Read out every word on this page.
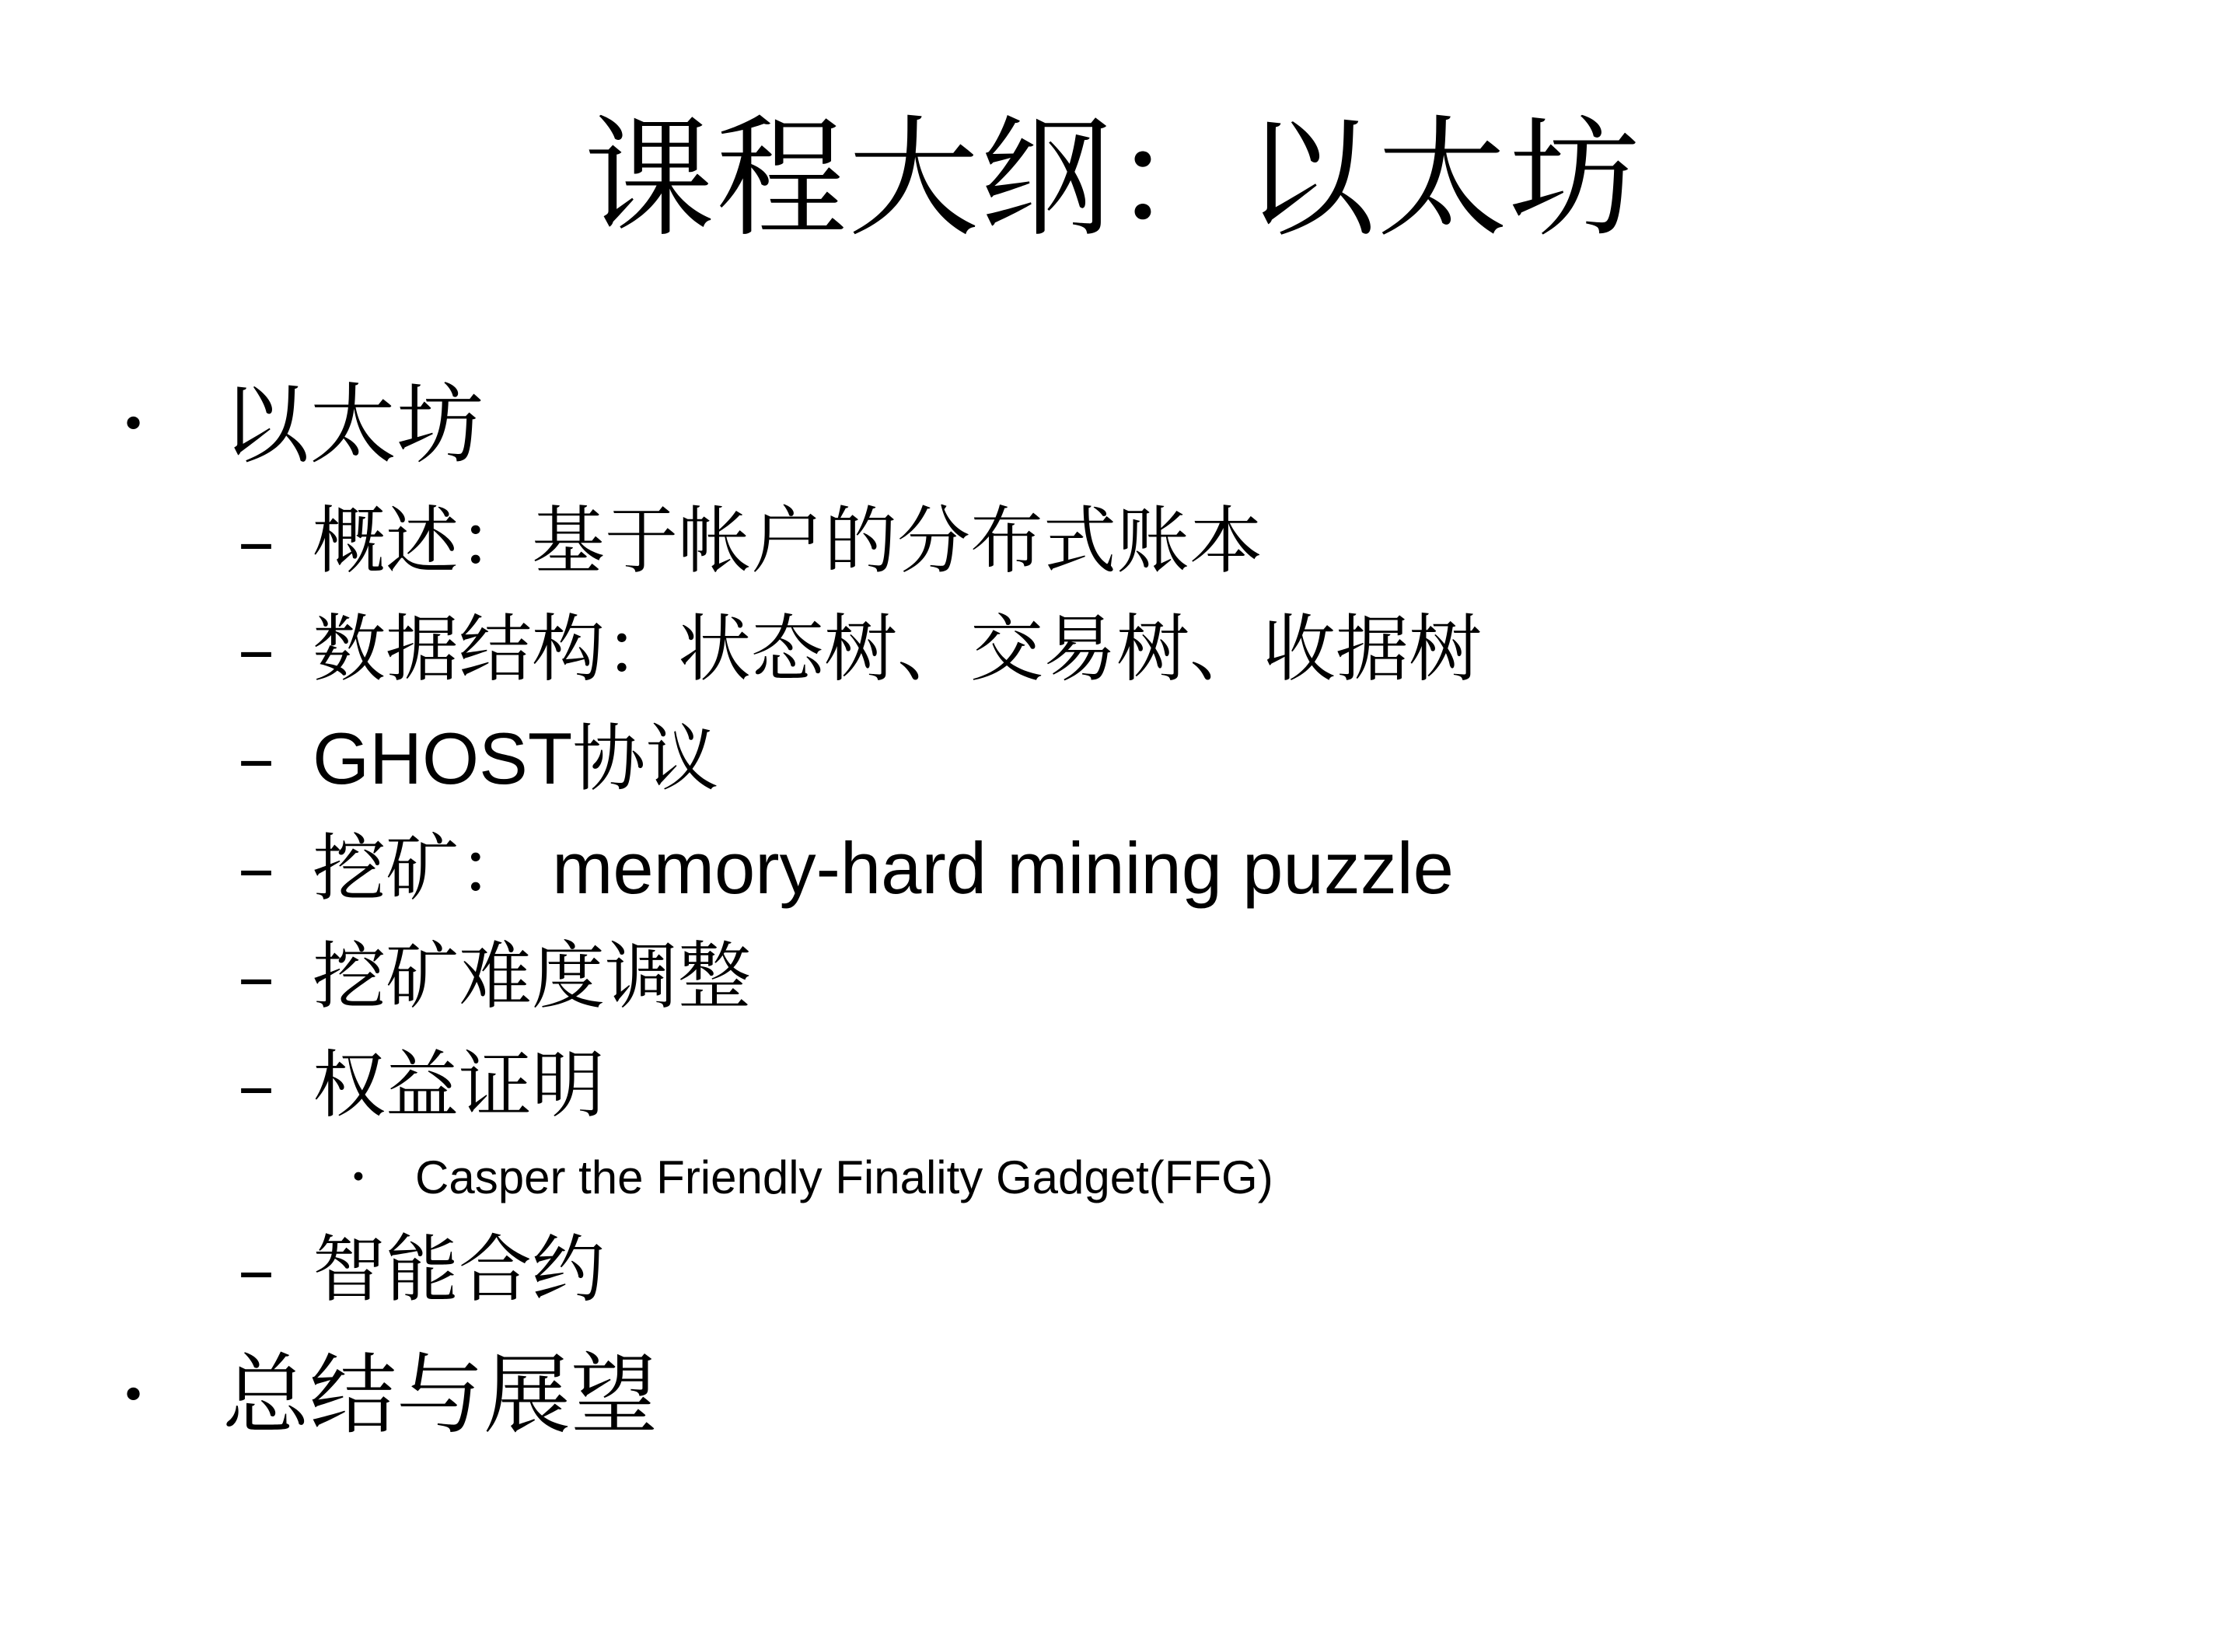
课程大纲：以太坊
• 以太坊
– 概述：基于帐户的分布式账本
– 数据结构：状态树、交易树、收据树
– GHOST协议
– 挖矿： memory-hard mining puzzle
– 挖矿难度调整
– 权益证明
•	Casper the Friendly Finality Gadget(FFG)
– 智能合约
• 总结与展望
